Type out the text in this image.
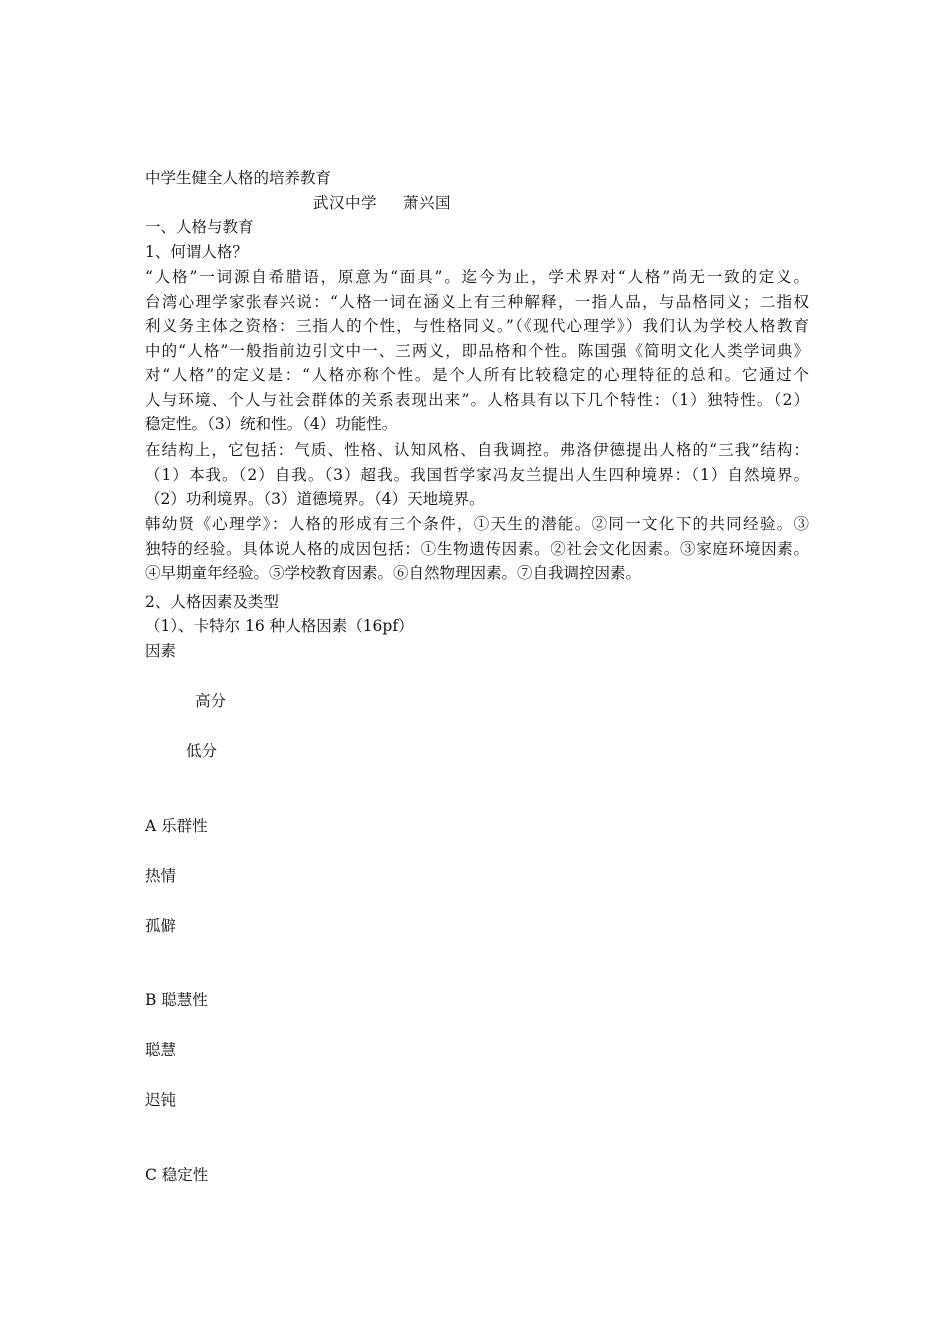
中学生健全人格的培养教育
武汉中学 萧兴国
一、人格与教育
1、何谓人格？
“人格”一词源自希腊语，原意为“面具”。迄今为止，学术界对“人格”尚无一致的定义。
台湾心理学家张春兴说：“人格一词在涵义上有三种解释，一指人品，与品格同义；二指权
利义务主体之资格：三指人的个性，与性格同义。”（《现代心理学》）我们认为学校人格教育
中的“人格”一般指前边引文中一、三两义，即品格和个性。陈国强《简明文化人类学词典》
对“人格”的定义是：“人格亦称个性。是个人所有比较稳定的心理特征的总和。它通过个
人与环境、个人与社会群体的关系表现出来”。人格具有以下几个特性：（1）独特性。（2）
稳定性。（3）统和性。（4）功能性。
在结构上，它包括：气质、性格、认知风格、自我调控。弗洛伊德提出人格的“三我”结构：
（1）本我。（2）自我。（3）超我。我国哲学家冯友兰提出人生四种境界：（1）自然境界。
（2）功利境界。（3）道德境界。（4）天地境界。
韩幼贤《心理学》：人格的形成有三个条件，①天生的潜能。②同一文化下的共同经验。③
独特的经验。具体说人格的成因包括：①生物遗传因素。②社会文化因素。③家庭环境因素。
④早期童年经验。⑤学校教育因素。⑥自然物理因素。⑦自我调控因素。
2、人格因素及类型
（1）、卡特尔 16 种人格因素（16pf）
因素
高分
低分
A 乐群性
热情
孤僻
B 聪慧性
聪慧
迟钝
C 稳定性
